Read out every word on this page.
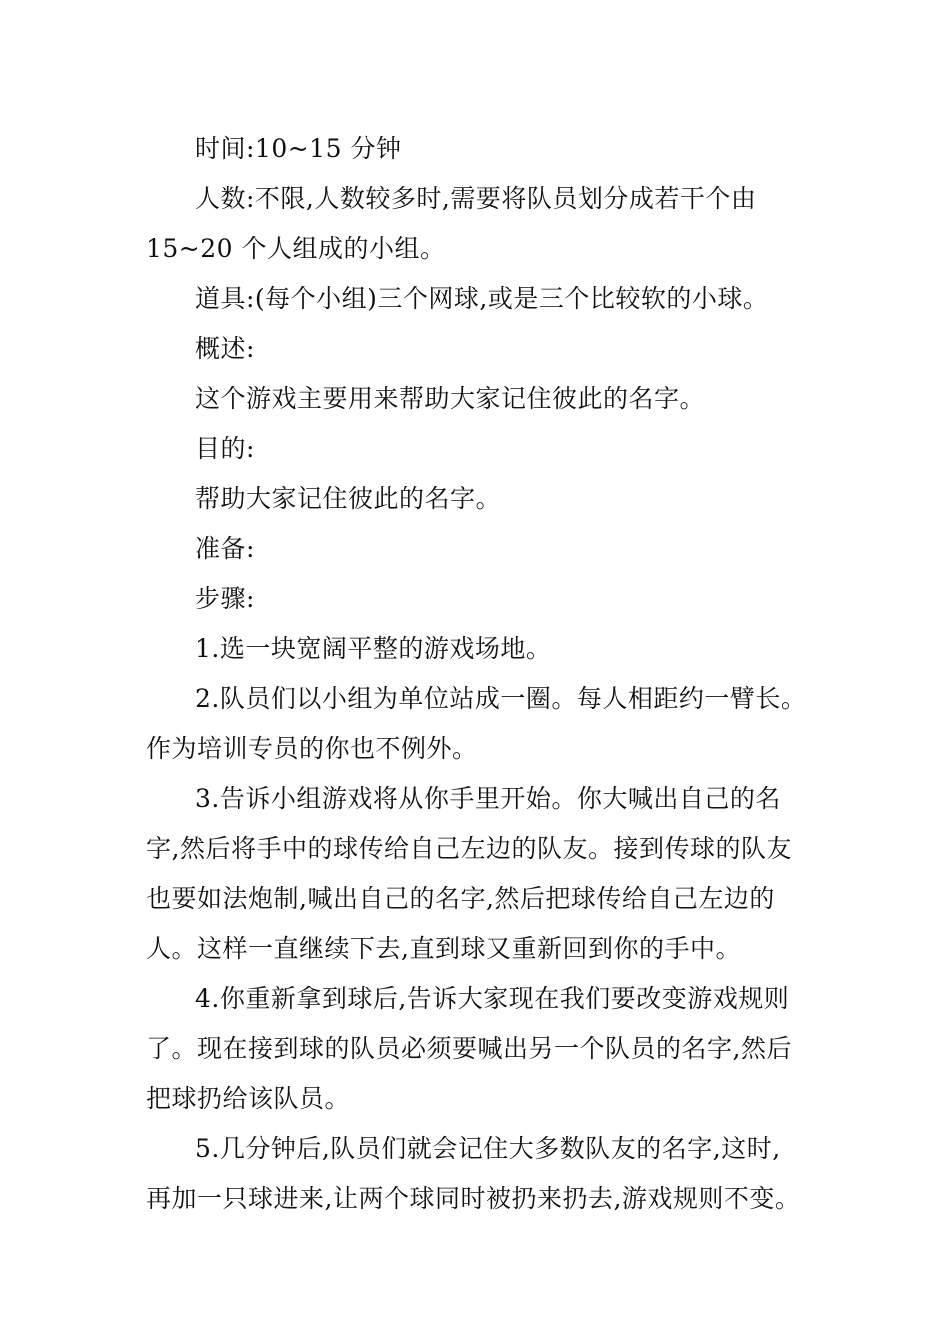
时间:10~15 分钟
人数:不限,人数较多时,需要将队员划分成若干个由
15~20 个人组成的小组。
道具:(每个小组)三个网球,或是三个比较软的小球。
概述:
这个游戏主要用来帮助大家记住彼此的名字。
目的:
帮助大家记住彼此的名字。
准备:
步骤:
1.选一块宽阔平整的游戏场地。
2.队员们以小组为单位站成一圈。每人相距约一臂长。
作为培训专员的你也不例外。
3.告诉小组游戏将从你手里开始。你大喊出自己的名
字,然后将手中的球传给自己左边的队友。接到传球的队友
也要如法炮制,喊出自己的名字,然后把球传给自己左边的
人。这样一直继续下去,直到球又重新回到你的手中。
4.你重新拿到球后,告诉大家现在我们要改变游戏规则
了。现在接到球的队员必须要喊出另一个队员的名字,然后
把球扔给该队员。
5.几分钟后,队员们就会记住大多数队友的名字,这时,
再加一只球进来,让两个球同时被扔来扔去,游戏规则不变。
